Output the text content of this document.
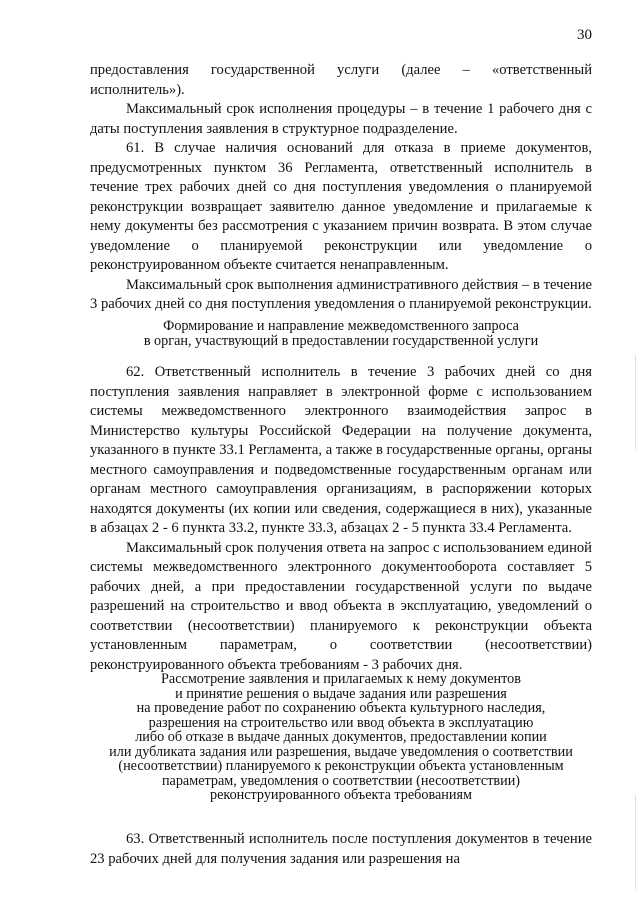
30

предоставления государственной услуги (далее – «ответственный исполнитель»).

Максимальный срок исполнения процедуры – в течение 1 рабочего дня с даты поступления заявления в структурное подразделение.

61. В случае наличия оснований для отказа в приеме документов, предусмотренных пунктом 36 Регламента, ответственный исполнитель в течение трех рабочих дней со дня поступления уведомления о планируемой реконструкции возвращает заявителю данное уведомление и прилагаемые к нему документы без рассмотрения с указанием причин возврата. В этом случае уведомление о планируемой реконструкции или уведомление о реконструированном объекте считается ненаправленным.

Максимальный срок выполнения административного действия – в течение 3 рабочих дней со дня поступления уведомления о планируемой реконструкции.

Формирование и направление межведомственного запроса
в орган, участвующий в предоставлении государственной услуги

62. Ответственный исполнитель в течение 3 рабочих дней со дня поступления заявления направляет в электронной форме с использованием системы межведомственного электронного взаимодействия запрос в Министерство культуры Российской Федерации на получение документа, указанного в пункте 33.1 Регламента, а также в государственные органы, органы местного самоуправления и подведомственные государственным органам или органам местного самоуправления организациям, в распоряжении которых находятся документы (их копии или сведения, содержащиеся в них), указанные в абзацах 2 - 6 пункта 33.2, пункте 33.3, абзацах 2 - 5 пункта 33.4 Регламента.

Максимальный срок получения ответа на запрос с использованием единой системы межведомственного электронного документооборота составляет 5 рабочих дней, а при предоставлении государственной услуги по выдаче разрешений на строительство и ввод объекта в эксплуатацию, уведомлений о соответствии (несоответствии) планируемого к реконструкции объекта установленным параметрам, о соответствии (несоответствии) реконструированного объекта требованиям - 3 рабочих дня.

Рассмотрение заявления и прилагаемых к нему документов
и принятие решения о выдаче задания или разрешения
на проведение работ по сохранению объекта культурного наследия,
разрешения на строительство или ввод объекта в эксплуатацию
либо об отказе в выдаче данных документов, предоставлении копии
или дубликата задания или разрешения, выдаче уведомления о соответствии
(несоответствии) планируемого к реконструкции объекта установленным
параметрам, уведомления о соответствии (несоответствии)
реконструированного объекта требованиям

63. Ответственный исполнитель после поступления документов в течение 23 рабочих дней для получения задания или разрешения на
